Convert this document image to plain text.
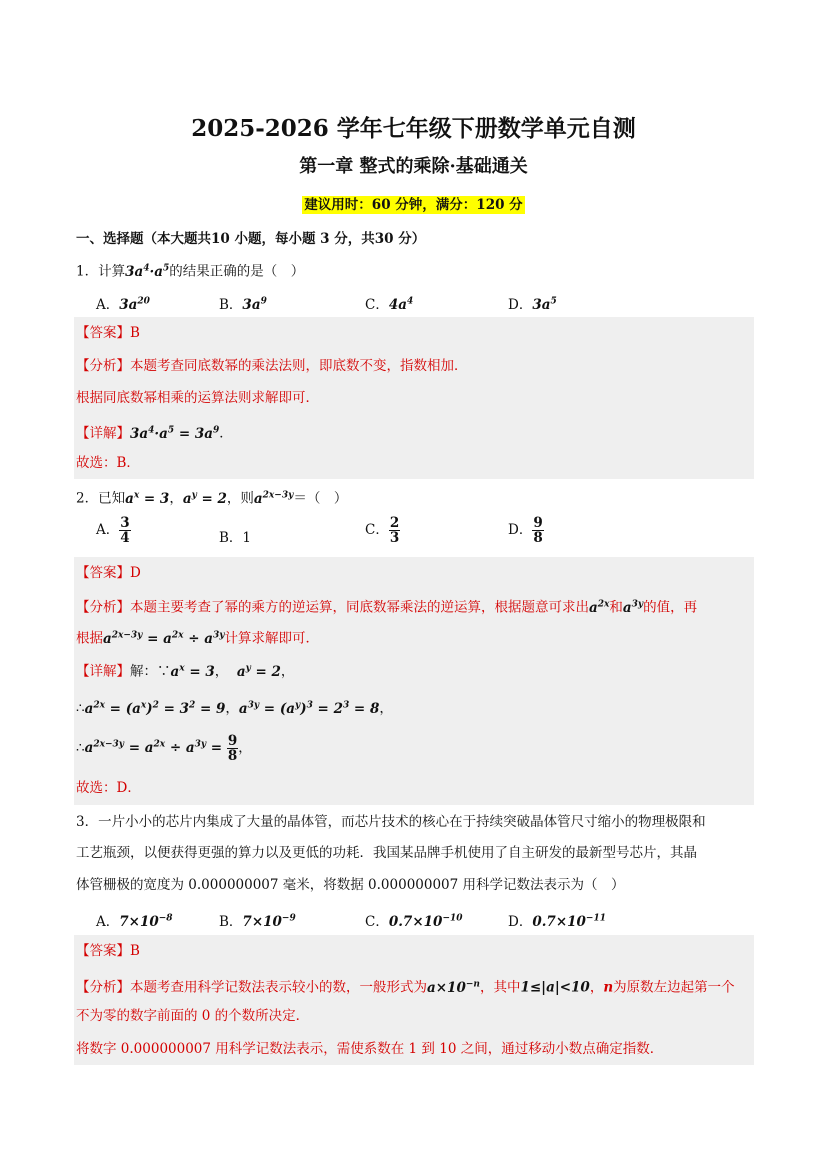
2025-2026 学年七年级下册数学单元自测
第一章 整式的乘除·基础通关
建议用时：60 分钟，满分：120 分
一、选择题（本大题共10 小题，每小题 3 分，共30 分）
1．计算$3a^4\cdot a^5$的结果正确的是（　）
A．$3a^{20}$	B．$3a^9$	C．$4a^4$	D．$3a^5$
【答案】B
【分析】本题考查同底数幂的乘法法则，即底数不变，指数相加．
根据同底数幂相乘的运算法则求解即可．
【详解】$3a^4\cdot a^5 = 3a^9$．
故选：B．
2．已知$a^x = 3$，$a^y = 2$，则$a^{2x-3y}=$（　）
A． $\frac{3}{4}$	B．1	C． $\frac{2}{3}$	D． $\frac{9}{8}$
【答案】D
【分析】本题主要考查了幂的乘方的逆运算，同底数幂乘法的逆运算，根据题意可求出$a^{2x}$和$a^{3y}$的值，再
根据$a^{2x-3y} = a^{2x} \div a^{3y}$计算求解即可．
【详解】解：$\because a^x = 3$，  $a^y = 2$，
$\therefore a^{2x} = (a^x)^2 = 3^2 = 9$，$a^{3y} = (a^y)^3 = 2^3 = 8$，
$\therefore a^{2x-3y} = a^{2x} \div a^{3y} = \frac{9}{8}$ ，
故选：D．
3．一片小小的芯片内集成了大量的晶体管，而芯片技术的核心在于持续突破晶体管尺寸缩小的物理极限和
工艺瓶颈，以便获得更强的算力以及更低的功耗．我国某品牌手机使用了自主研发的最新型号芯片，其晶
体管栅极的宽度为 0.000000007 毫米，将数据 0.000000007 用科学记数法表示为（　）
A．$7\times 10^{-8}$	B．$7\times 10^{-9}$	C．$0.7\times 10^{-10}$	D．$0.7\times 10^{-11}$
【答案】B
【分析】本题考查用科学记数法表示较小的数，一般形式为$a\times 10^{-n}$，其中1≤|a|<10，n为原数左边起第一个
不为零的数字前面的 0 的个数所决定．
将数字 0.000000007 用科学记数法表示，需使系数在 1 到 10 之间，通过移动小数点确定指数．
